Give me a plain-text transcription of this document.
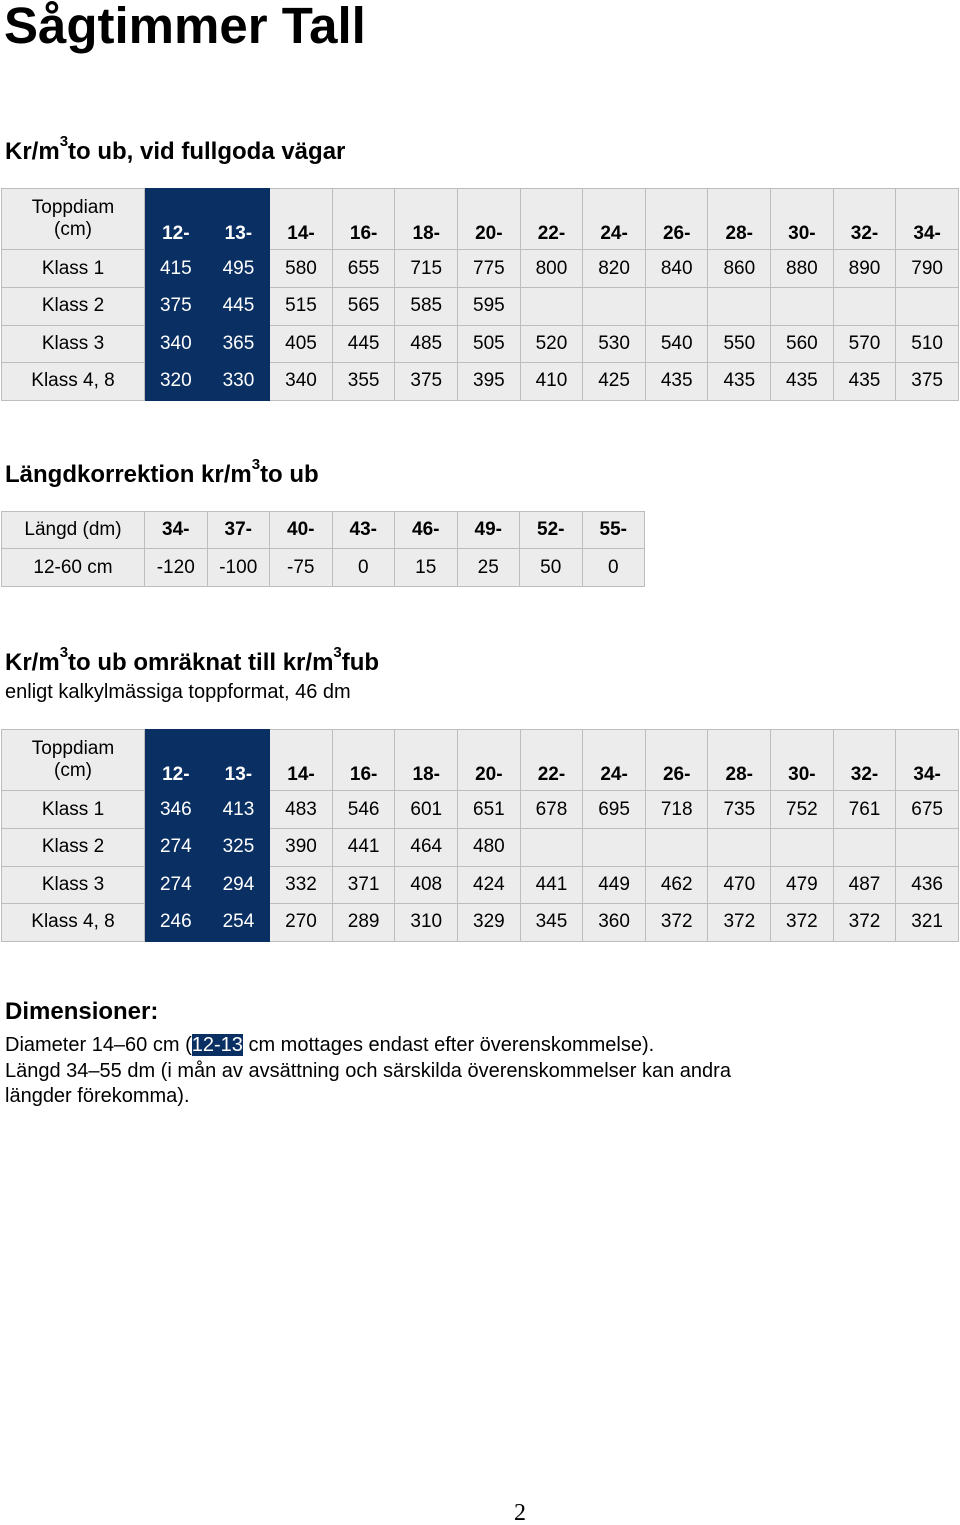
Sågtimmer Tall
$Kr/m^3to$ ub, vid fullgoda vägar
Toppdiam
(cm)	12-	13-	14-	16-	18-	20-	22-	24-	26-	28-	30-	32-	34-
Klass 1	415	495	580	655	715	775	800	820	840	860	880	890	790
Klass 2	375	445	515	565	585	595							
Klass 3	340	365	405	445	485	505	520	530	540	550	560	570	510
Klass 4, 8	320	330	340	355	375	395	410	425	435	435	435	435	375
Längdkorrektion $kr/m^3to$ ub
Längd (dm)	34-	37-	40-	43-	46-	49-	52-	55-
12-60 cm	-120	-100	-75	0	15	25	50	0
$Kr/m^3to$ ub omräknat till $kr/m^3fub$
enligt kalkylmässiga toppformat, 46 dm
Toppdiam
(cm)	12-	13-	14-	16-	18-	20-	22-	24-	26-	28-	30-	32-	34-
Klass 1	346	413	483	546	601	651	678	695	718	735	752	761	675
Klass 2	274	325	390	441	464	480							
Klass 3	274	294	332	371	408	424	441	449	462	470	479	487	436
Klass 4, 8	246	254	270	289	310	329	345	360	372	372	372	372	321
Dimensioner:
Diameter 14–60 cm (12-13 cm mottages endast efter överenskommelse).
Längd 34–55 dm (i mån av avsättning och särskilda överenskommelser kan andra
längder förekomma).
2
